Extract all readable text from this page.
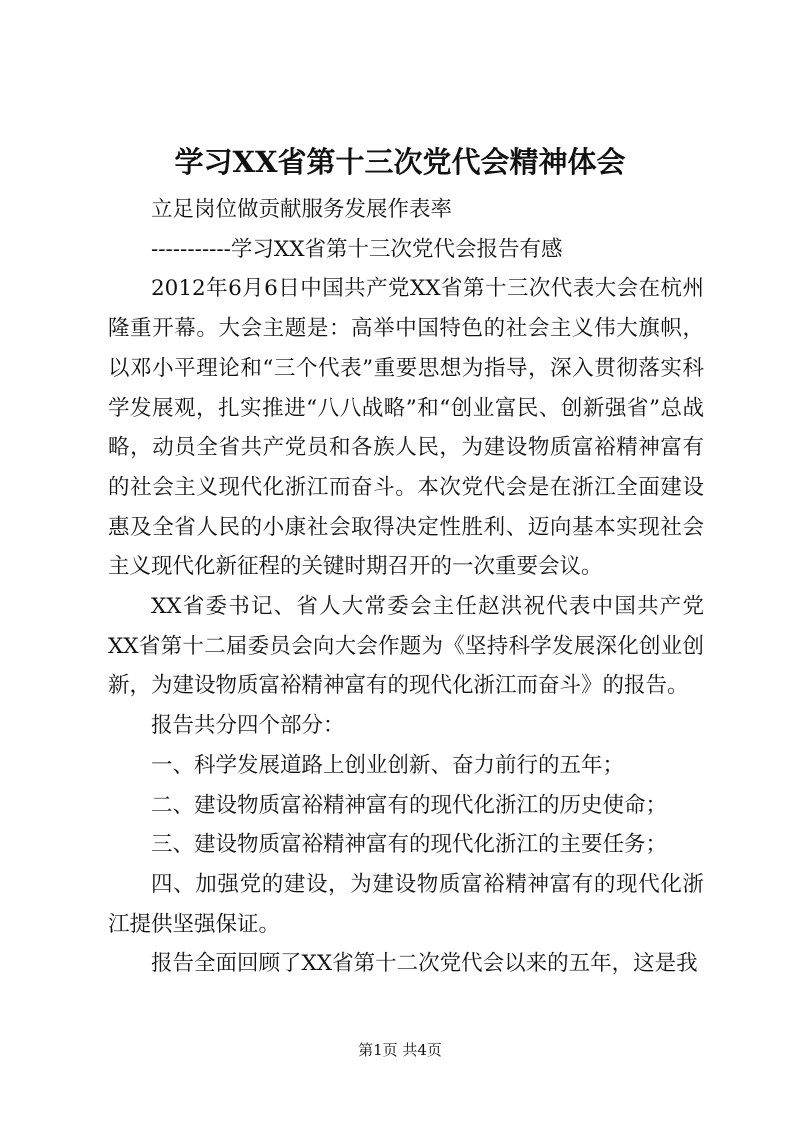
学习XX省第十三次党代会精神体会

立足岗位做贡献服务发展作表率

-----------学习XX省第十三次党代会报告有感

2012年6月6日中国共产党XX省第十三次代表大会在杭州隆重开幕。大会主题是：高举中国特色的社会主义伟大旗帜，以邓小平理论和“三个代表”重要思想为指导，深入贯彻落实科学发展观，扎实推进“八八战略”和“创业富民、创新强省”总战略，动员全省共产党员和各族人民，为建设物质富裕精神富有的社会主义现代化浙江而奋斗。本次党代会是在浙江全面建设惠及全省人民的小康社会取得决定性胜利、迈向基本实现社会主义现代化新征程的关键时期召开的一次重要会议。

XX省委书记、省人大常委会主任赵洪祝代表中国共产党XX省第十二届委员会向大会作题为《坚持科学发展深化创业创新，为建设物质富裕精神富有的现代化浙江而奋斗》的报告。

报告共分四个部分：

一、科学发展道路上创业创新、奋力前行的五年；

二、建设物质富裕精神富有的现代化浙江的历史使命；

三、建设物质富裕精神富有的现代化浙江的主要任务；

四、加强党的建设，为建设物质富裕精神富有的现代化浙江提供坚强保证。

报告全面回顾了XX省第十二次党代会以来的五年，这是我

第1页 共4页
